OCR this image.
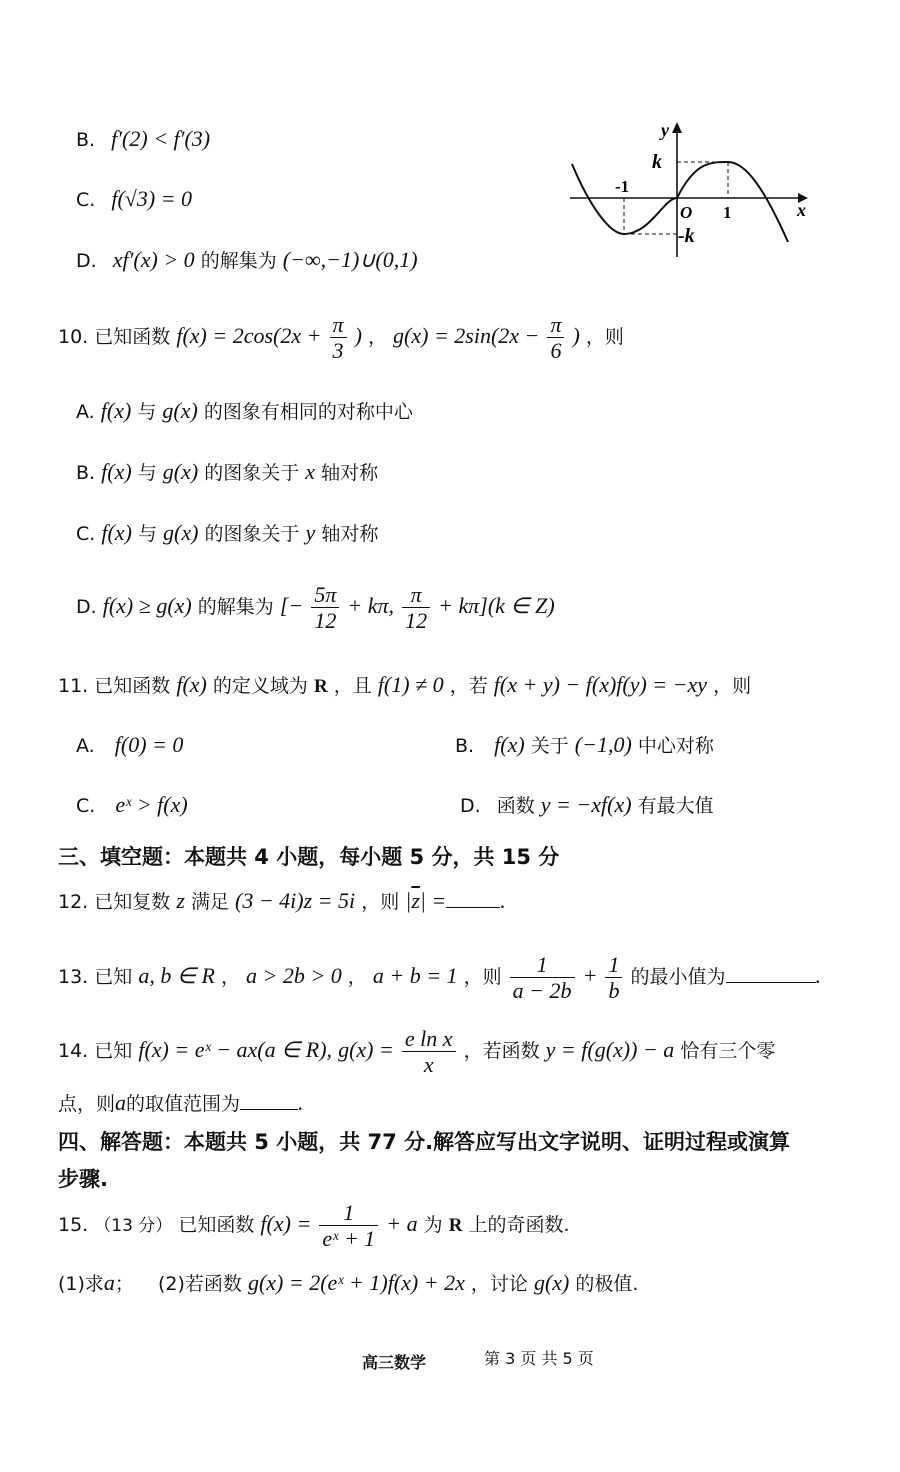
B. f′(2) < f′(3)
C. f(√3) = 0
D. xf′(x) > 0 的解集为 (−∞,−1)∪(0,1)
y
x
k
-k
-1
O 1
10. 已知函数 $f(x) = 2\cos(2x + \frac{\pi}{3}$ ) ， $g(x) = 2\sin(2x - \frac{\pi}{6}$ ) ，则
A. f(x) 与 g(x) 的图象有相同的对称中心
B. f(x) 与 g(x) 的图象关于 x 轴对称
C. f(x) 与 g(x) 的图象关于 y 轴对称
D. f(x) ≥ g(x) 的解集为 [− $\frac{5\pi}{12} + k\pi$, $\frac{\pi}{12} + k\pi](k$ ∈ Z)
11. 已知函数 f(x) 的定义域为 R ，且 f(1) ≠ 0 ，若 f(x + y) − f(x)f(y) = −xy ，则
A. f(0) = 0	B. f(x) 关于 (−1,0) 中心对称
C. eˣ > f(x)	D. 函数 y = −xf(x) 有最大值
三、填空题：本题共 4 小题，每小题 5 分，共 15 分
12. 已知复数 z 满足 (3 − 4i)z = 5i ，则 $|\overline{z}|$ = .
13. 已知 a, b ∈ R ， a > 2b > 0 ， a + b = 1 ，则 $\frac{1}{a - 2b} + \frac{1}{b}$ 的最小值为	.
14. 已知 f(x) = eˣ − ax(a ∈ R), $g(x) = \frac{\text{e ln x}}{x}$ ，若函数 y = f(g(x)) − a 恰有三个零
点，则a的取值范围为	.
四、解答题：本题共 5 小题，共 77 分.解答应写出文字说明、证明过程或演算
步骤.
15. （13 分） 已知函数 $f(x) = \frac{1}{\text{eˣ + 1}} + a$ 为 R 上的奇函数.
(1)求a； (2)若函数 g(x) = 2(eˣ + 1)f(x) + 2x ，讨论 g(x) 的极值.
高三数学	第 3 页 共 5 页
